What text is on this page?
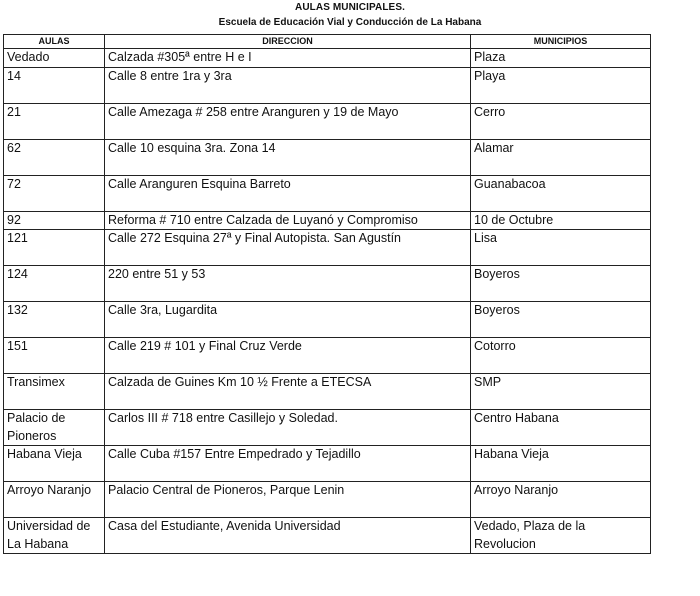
AULAS MUNICIPALES.
Escuela de Educación Vial y Conducción de La Habana
AULAS	DIRECCION	MUNICIPIOS
Vedado	Calzada #305ª entre H e I	Plaza
14	Calle 8 entre 1ra y 3ra	Playa
21	Calle Amezaga # 258 entre Aranguren y 19 de Mayo	Cerro
62	Calle 10 esquina 3ra. Zona 14	Alamar
72	Calle Aranguren Esquina Barreto	Guanabacoa
92	Reforma # 710 entre Calzada de Luyanó y Compromiso	10 de Octubre
121	Calle 272 Esquina 27ª y Final Autopista. San Agustín	Lisa
124	220 entre 51 y 53	Boyeros
132	Calle 3ra, Lugardita	Boyeros
151	Calle 219 # 101 y Final Cruz Verde	Cotorro
Transimex	Calzada de Guines Km 10 ½ Frente a ETECSA	SMP
Palacio de Pioneros	Carlos III # 718 entre Casillejo y Soledad.	Centro Habana
Habana Vieja	Calle Cuba #157 Entre Empedrado y Tejadillo	Habana Vieja
Arroyo Naranjo	Palacio Central de Pioneros, Parque Lenin	Arroyo Naranjo
Universidad de La Habana	Casa del Estudiante, Avenida Universidad	Vedado, Plaza de la Revolucion
